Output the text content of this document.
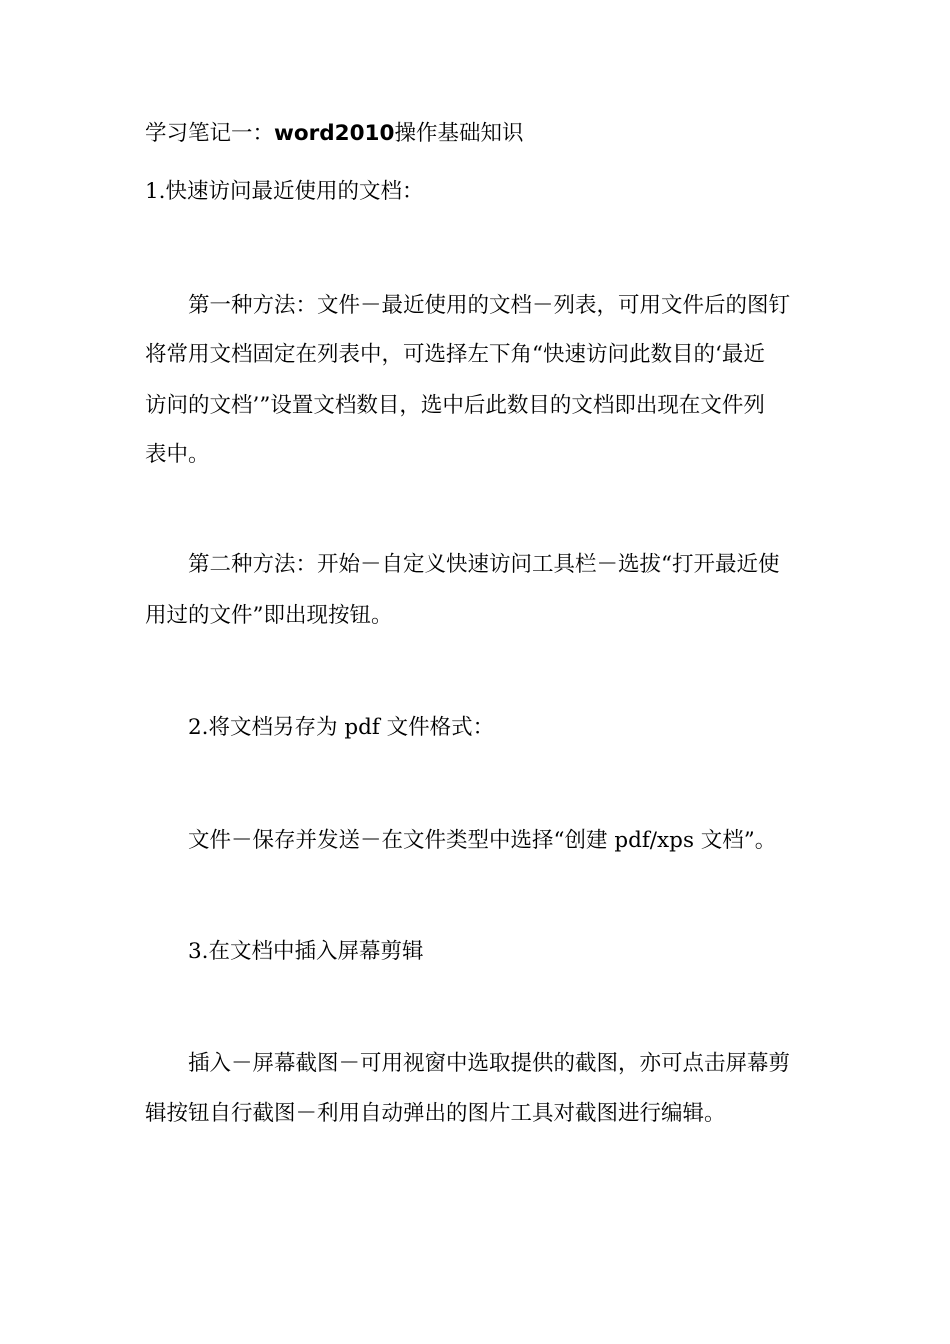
学习笔记一：word2010操作基础知识
1.快速访问最近使用的文档：
第一种方法：文件－最近使用的文档－列表，可用文件后的图钉
将常用文档固定在列表中，可选择左下角“快速访问此数目的‘最近
访问的文档’”设置文档数目，选中后此数目的文档即出现在文件列
表中。
第二种方法：开始－自定义快速访问工具栏－选拔“打开最近使
用过的文件”即出现按钮。
2.将文档另存为 pdf 文件格式：
文件－保存并发送－在文件类型中选择“创建 pdf/xps 文档”。
3.在文档中插入屏幕剪辑
插入－屏幕截图－可用视窗中选取提供的截图，亦可点击屏幕剪
辑按钮自行截图－利用自动弹出的图片工具对截图进行编辑。
